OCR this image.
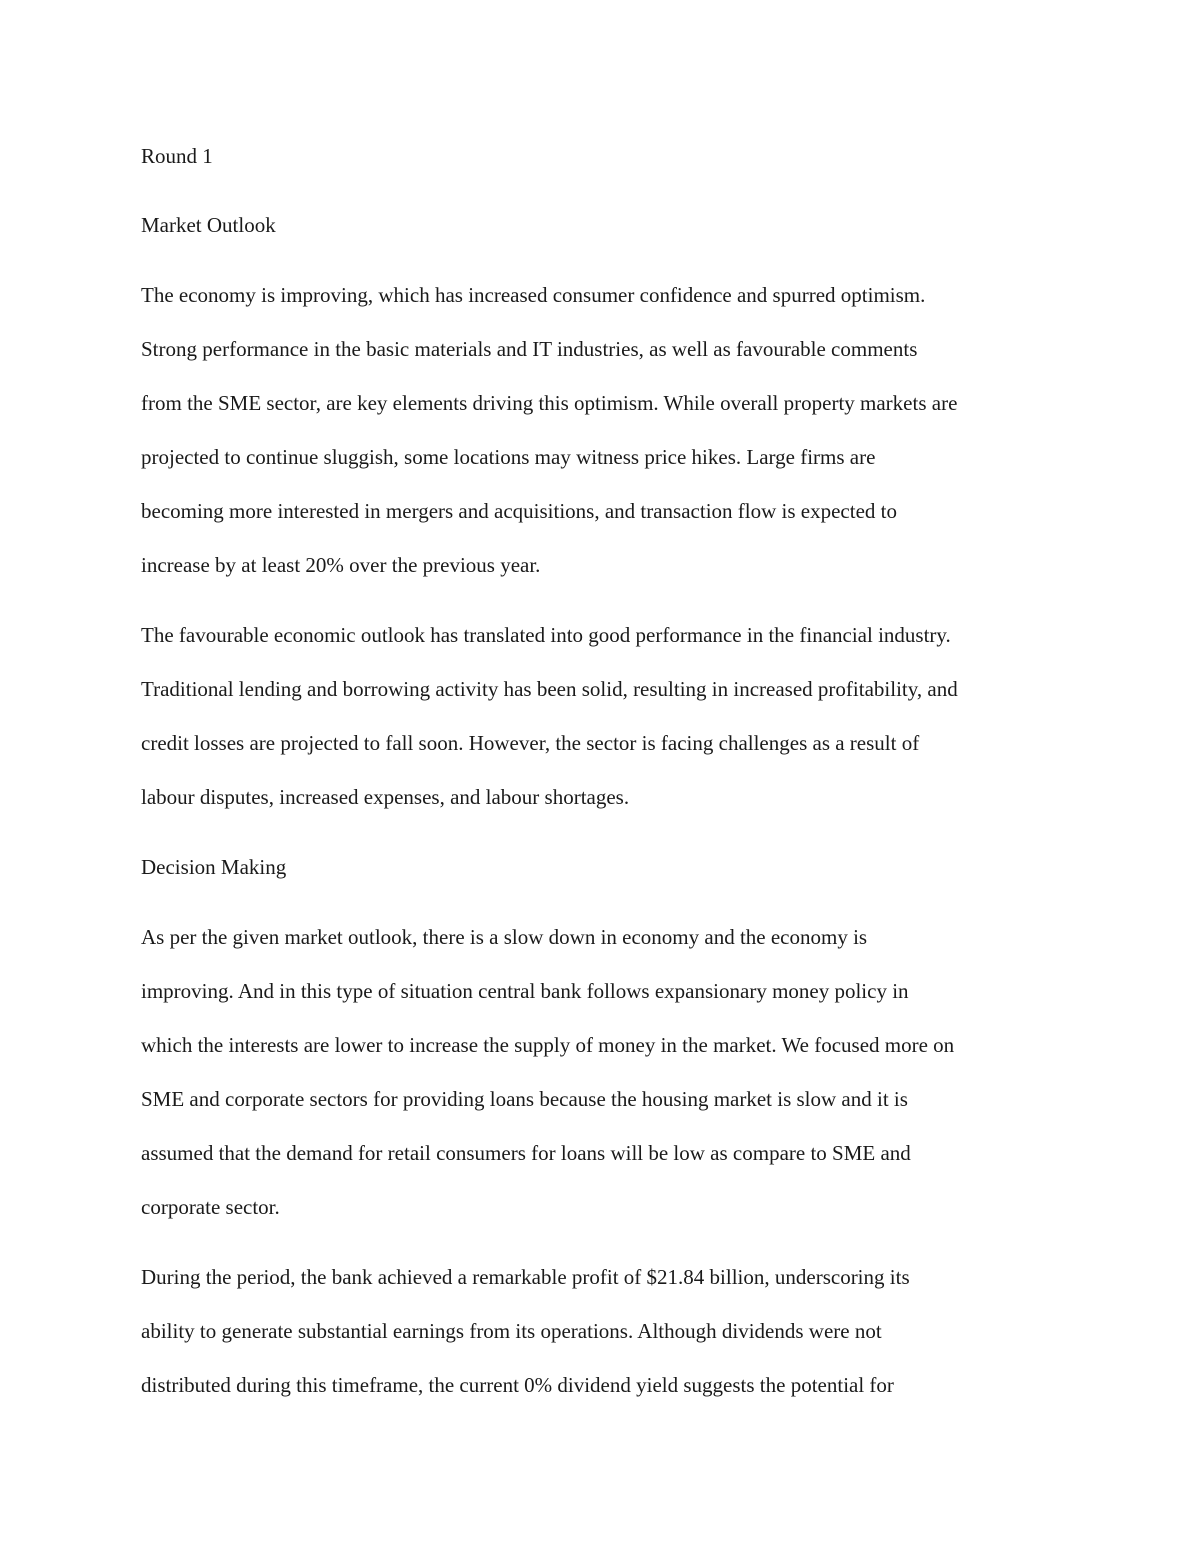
Round 1
Market Outlook
The economy is improving, which has increased consumer confidence and spurred optimism.
Strong performance in the basic materials and IT industries, as well as favourable comments
from the SME sector, are key elements driving this optimism. While overall property markets are
projected to continue sluggish, some locations may witness price hikes. Large firms are
becoming more interested in mergers and acquisitions, and transaction flow is expected to
increase by at least 20% over the previous year.
The favourable economic outlook has translated into good performance in the financial industry.
Traditional lending and borrowing activity has been solid, resulting in increased profitability, and
credit losses are projected to fall soon. However, the sector is facing challenges as a result of
labour disputes, increased expenses, and labour shortages.
Decision Making
As per the given market outlook, there is a slow down in economy and the economy is
improving. And in this type of situation central bank follows expansionary money policy in
which the interests are lower to increase the supply of money in the market. We focused more on
SME and corporate sectors for providing loans because the housing market is slow and it is
assumed that the demand for retail consumers for loans will be low as compare to SME and
corporate sector.
During the period, the bank achieved a remarkable profit of $21.84 billion, underscoring its
ability to generate substantial earnings from its operations. Although dividends were not
distributed during this timeframe, the current 0% dividend yield suggests the potential for
